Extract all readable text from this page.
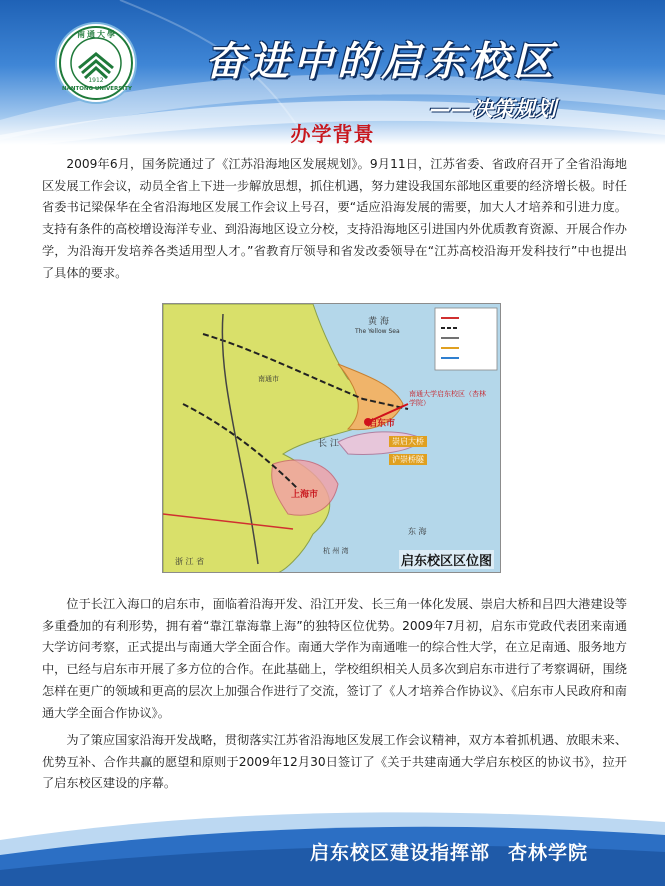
南通大學
NANTONG UNIVERSITY
1912	奋进中的启东校区
——决策规划
办学背景

2009年6月，国务院通过了《江苏沿海地区发展规划》。9月11日，江苏省委、省政府召开了全省沿海地区发展工作会议，动员全省上下进一步解放思想，抓住机遇，努力建设我国东部地区重要的经济增长极。时任省委书记梁保华在全省沿海地区发展工作会议上号召，要“适应沿海发展的需要，加大人才培养和引进力度。支持有条件的高校增设海洋专业、到沿海地区设立分校，支持沿海地区引进国内外优质教育资源、开展合作办学，为沿海开发培养各类适用型人才。”省教育厅领导和省发改委领导在“江苏高校沿海开发科技行”中也提出了具体的要求。

黄 海
The Yellow Sea
南通市
启东市
南通大学启东校区（杏林学院）
长 江	崇启大桥
沪崇桥隧
上海市
东 海
杭 州 湾
浙 江 省	启东校区区位图

位于长江入海口的启东市，面临着沿海开发、沿江开发、长三角一体化发展、崇启大桥和吕四大港建设等多重叠加的有利形势，拥有着“靠江靠海靠上海”的独特区位优势。2009年7月初，启东市党政代表团来南通大学访问考察，正式提出与南通大学全面合作。南通大学作为南通唯一的综合性大学，在立足南通、服务地方中，已经与启东市开展了多方位的合作。在此基础上，学校组织相关人员多次到启东市进行了考察调研，围绕怎样在更广的领域和更高的层次上加强合作进行了交流，签订了《人才培养合作协议》、《启东市人民政府和南通大学全面合作协议》。

为了策应国家沿海开发战略，贯彻落实江苏省沿海地区发展工作会议精神，双方本着抓机遇、放眼未来、优势互补、合作共赢的愿望和原则于2009年12月30日签订了《关于共建南通大学启东校区的协议书》，拉开了启东校区建设的序幕。

启东校区建设指挥部 杏林学院
